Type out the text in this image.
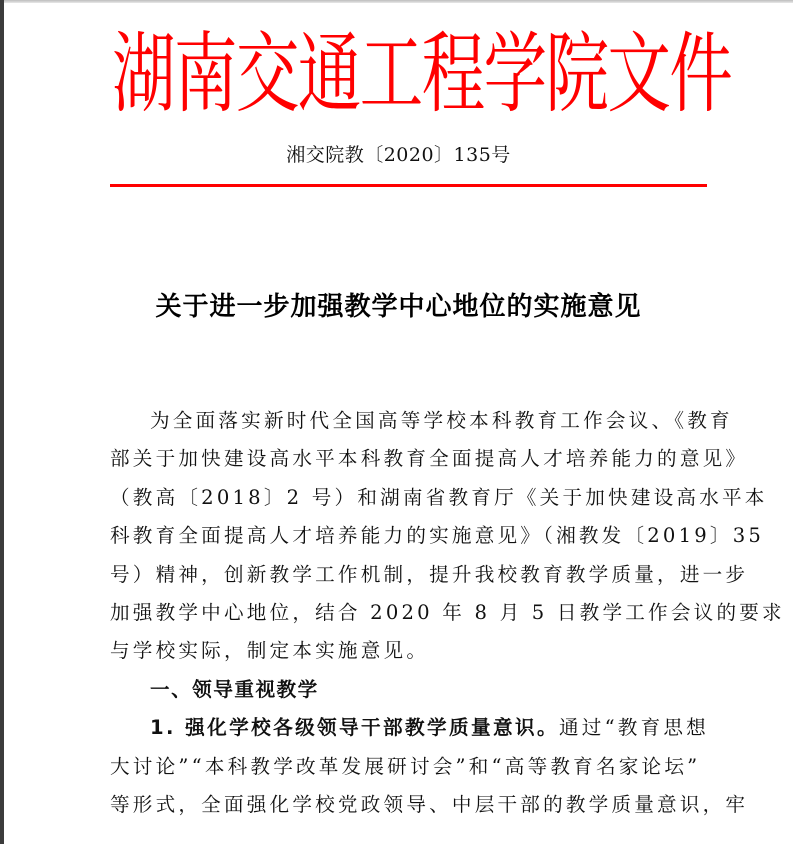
湖南交通工程学院文件
湘交院教〔2020〕135号
关于进一步加强教学中心地位的实施意见
为全面落实新时代全国高等学校本科教育工作会议、《教育
部关于加快建设高水平本科教育全面提高人才培养能力的意见》
（教高〔2018〕2 号）和湖南省教育厅《关于加快建设高水平本
科教育全面提高人才培养能力的实施意见》（湘教发〔2019〕35
号）精神，创新教学工作机制，提升我校教育教学质量，进一步
加强教学中心地位，结合 2020 年 8 月 5 日教学工作会议的要求
与学校实际，制定本实施意见。
一、领导重视教学
1. 强化学校各级领导干部教学质量意识。通过“教育思想
大讨论”“本科教学改革发展研讨会”和“高等教育名家论坛”
等形式，全面强化学校党政领导、中层干部的教学质量意识，牢
